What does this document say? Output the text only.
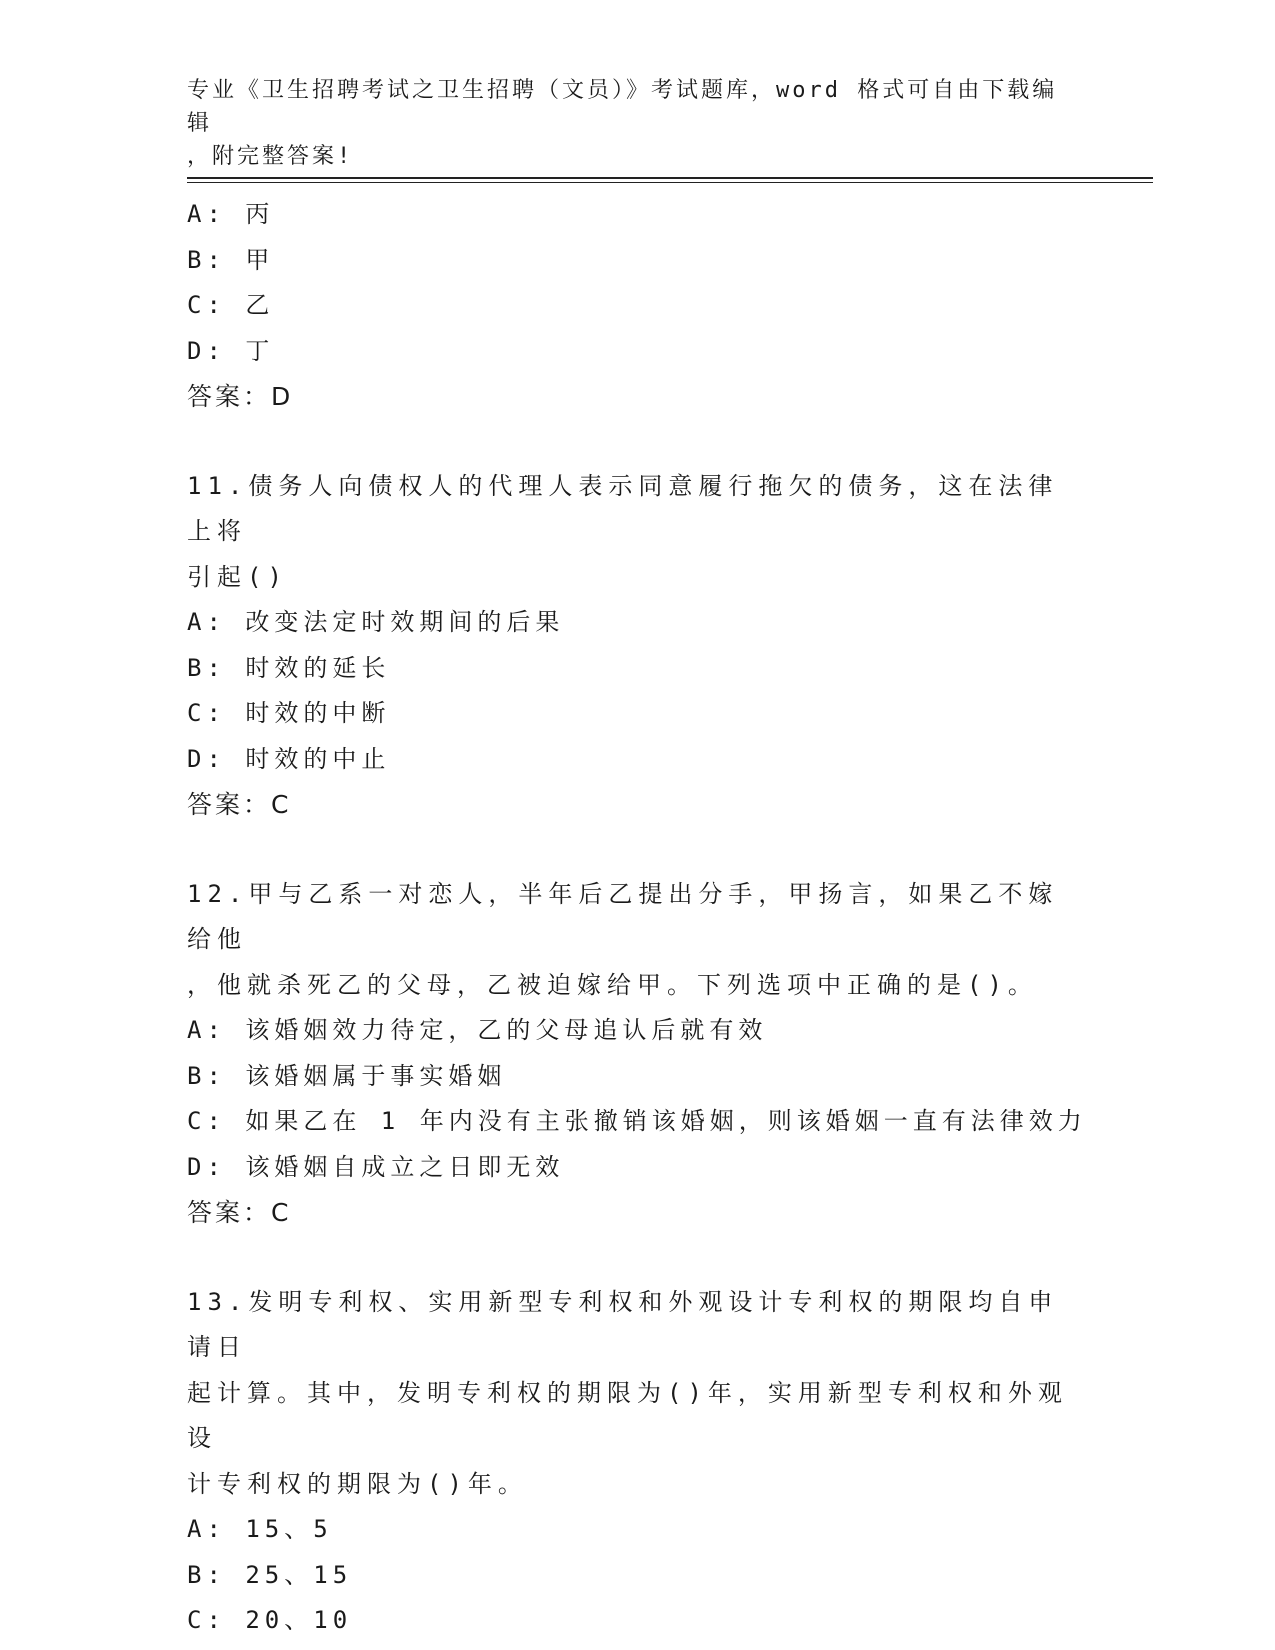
专业《卫生招聘考试之卫生招聘（文员）》考试题库，word 格式可自由下载编辑
，附完整答案!
A: 丙
B: 甲
C: 乙
D: 丁
答案：D
11.债务人向债权人的代理人表示同意履行拖欠的债务，这在法律上将
引起()
A: 改变法定时效期间的后果
B: 时效的延长
C: 时效的中断
D: 时效的中止
答案：C
12.甲与乙系一对恋人，半年后乙提出分手，甲扬言，如果乙不嫁给他
，他就杀死乙的父母，乙被迫嫁给甲。下列选项中正确的是()。
A: 该婚姻效力待定，乙的父母追认后就有效
B: 该婚姻属于事实婚姻
C: 如果乙在 1 年内没有主张撤销该婚姻，则该婚姻一直有法律效力
D: 该婚姻自成立之日即无效
答案：C
13.发明专利权、实用新型专利权和外观设计专利权的期限均自申请日
起计算。其中，发明专利权的期限为()年，实用新型专利权和外观设
计专利权的期限为()年。
A: 15、5
B: 25、15
C: 20、10
